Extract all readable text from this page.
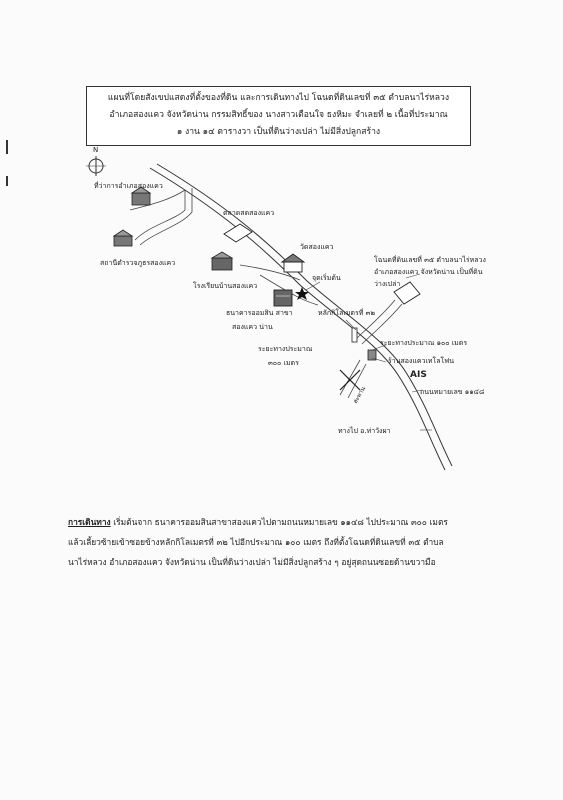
แผนที่โดยสังเขปแสดงที่ตั้งของที่ดิน และการเดินทางไป โฉนดที่ดินเลขที่ ๓๕ ตำบลนาไร่หลวง
อำเภอสองแคว จังหวัดน่าน กรรมสิทธิ์ของ นางสาวเตือนใจ ธงหิมะ จำเลยที่ ๒ เนื้อที่ประมาณ
๑ งาน ๑๔ ตารางวา เป็นที่ดินว่างเปล่า ไม่มีสิ่งปลูกสร้าง
N
ที่ว่าการอำเภอสองแคว
สถานีตำรวจภูธรสองแคว
โรงเรียนบ้านสองแคว
ตลาดสดสองแคว
วัดสองแคว
จุดเริ่มต้น
ธนาคารออมสิน สาขา
สองแคว น่าน
ระยะทางประมาณ
๓๐๐ เมตร
หลักกิโลเมตรที่ ๓๒
โฉนดที่ดินเลขที่ ๓๕ ตำบลนาไร่หลวง
อำเภอสองแคว จังหวัดน่าน เป็นที่ดิน
ว่างเปล่า
ระยะทางประมาณ ๑๐๐ เมตร
ร้านสองแควเทโลโฟน
AIS
ถนนหมายเลข ๑๑๔๘
ทางไป อ.ท่าวังผา
สะพาน

การเดินทาง เริ่มต้นจาก ธนาคารออมสินสาขาสองแควไปตามถนนหมายเลข ๑๑๔๘ ไปประมาณ ๓๐๐ เมตร

แล้วเลี้ยวซ้ายเข้าซอยข้างหลักกิโลเมตรที่ ๓๒ ไปอีกประมาณ ๑๐๐ เมตร ถึงที่ตั้งโฉนดที่ดินเลขที่ ๓๕ ตำบล

นาไร่หลวง อำเภอสองแคว จังหวัดน่าน เป็นที่ดินว่างเปล่า ไม่มีสิ่งปลูกสร้าง ๆ อยู่สุดถนนซอยด้านขวามือ
